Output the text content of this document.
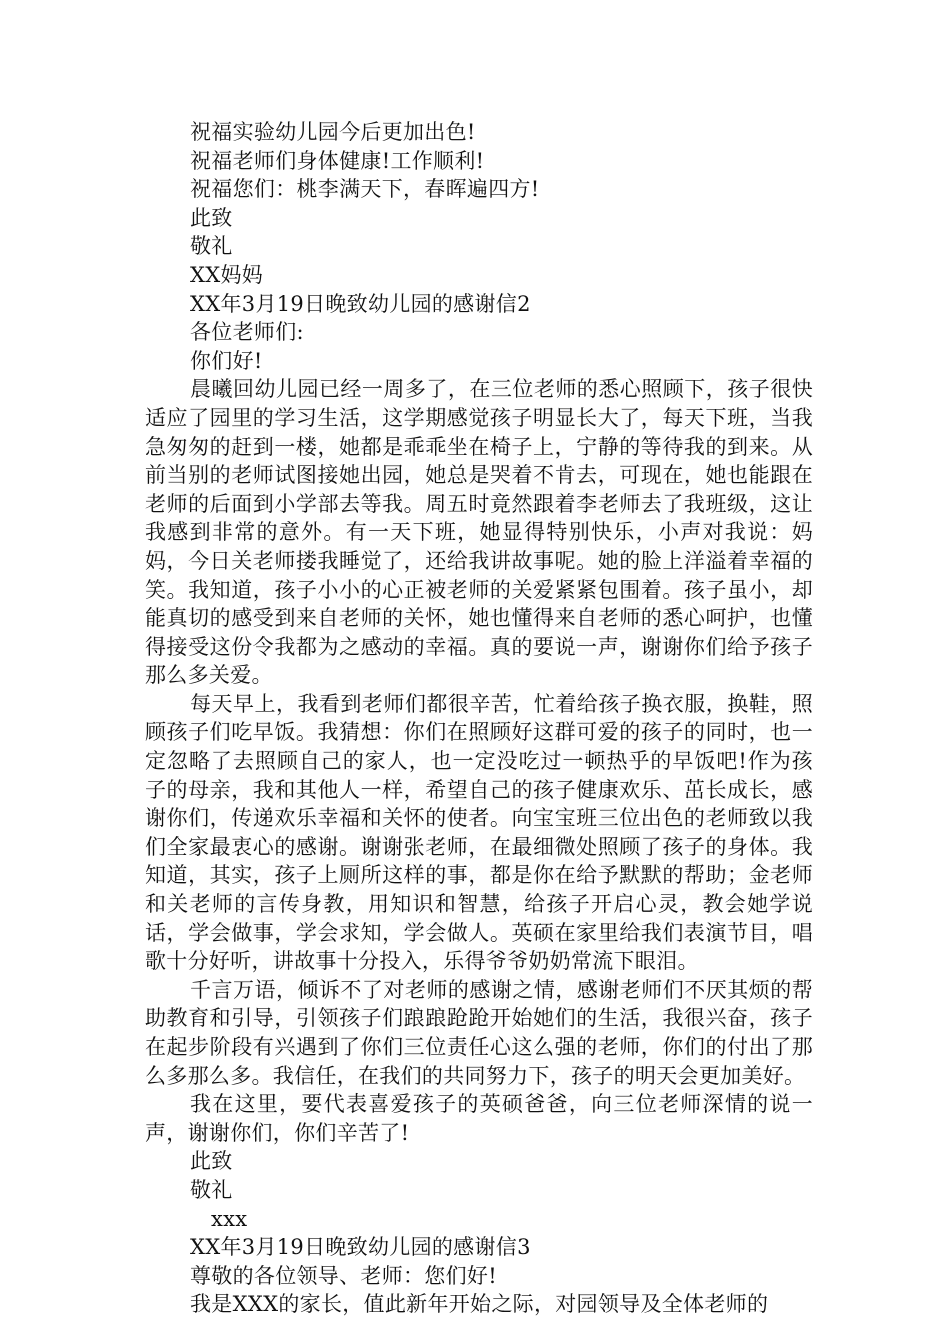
祝福实验幼儿园今后更加出色!
祝福老师们身体健康!工作顺利!
祝福您们：桃李满天下，春晖遍四方!
此致
敬礼
XX妈妈
XX年3月19日晚致幼儿园的感谢信2
各位老师们:
你们好!
晨曦回幼儿园已经一周多了，在三位老师的悉心照顾下，孩子很快适应了园里的学习生活，这学期感觉孩子明显长大了，每天下班，当我急匆匆的赶到一楼，她都是乖乖坐在椅子上，宁静的等待我的到来。从前当别的老师试图接她出园，她总是哭着不肯去，可现在，她也能跟在老师的后面到小学部去等我。周五时竟然跟着李老师去了我班级，这让我感到非常的意外。有一天下班，她显得特别快乐，小声对我说：妈妈，今日关老师搂我睡觉了，还给我讲故事呢。她的脸上洋溢着幸福的笑。我知道，孩子小小的心正被老师的关爱紧紧包围着。孩子虽小，却能真切的感受到来自老师的关怀，她也懂得来自老师的悉心呵护，也懂得接受这份令我都为之感动的幸福。真的要说一声，谢谢你们给予孩子那么多关爱。
每天早上，我看到老师们都很辛苦，忙着给孩子换衣服，换鞋，照顾孩子们吃早饭。我猜想：你们在照顾好这群可爱的孩子的同时，也一定忽略了去照顾自己的家人，也一定没吃过一顿热乎的早饭吧!作为孩子的母亲，我和其他人一样，希望自己的孩子健康欢乐、茁长成长，感谢你们，传递欢乐幸福和关怀的使者。向宝宝班三位出色的老师致以我们全家最衷心的感谢。谢谢张老师，在最细微处照顾了孩子的身体。我知道，其实，孩子上厕所这样的事，都是你在给予默默的帮助；金老师和关老师的言传身教，用知识和智慧，给孩子开启心灵，教会她学说话，学会做事，学会求知，学会做人。英硕在家里给我们表演节目，唱歌十分好听，讲故事十分投入，乐得爷爷奶奶常流下眼泪。
千言万语，倾诉不了对老师的感谢之情，感谢老师们不厌其烦的帮助教育和引导，引领孩子们踉踉跄跄开始她们的生活，我很兴奋，孩子在起步阶段有兴遇到了你们三位责任心这么强的老师，你们的付出了那么多那么多。我信任，在我们的共同努力下，孩子的明天会更加美好。
我在这里，要代表喜爱孩子的英硕爸爸，向三位老师深情的说一声，谢谢你们，你们辛苦了!
此致
敬礼
xxx
XX年3月19日晚致幼儿园的感谢信3
尊敬的各位领导、老师：您们好!
我是XXX的家长，值此新年开始之际，对园领导及全体老师的
